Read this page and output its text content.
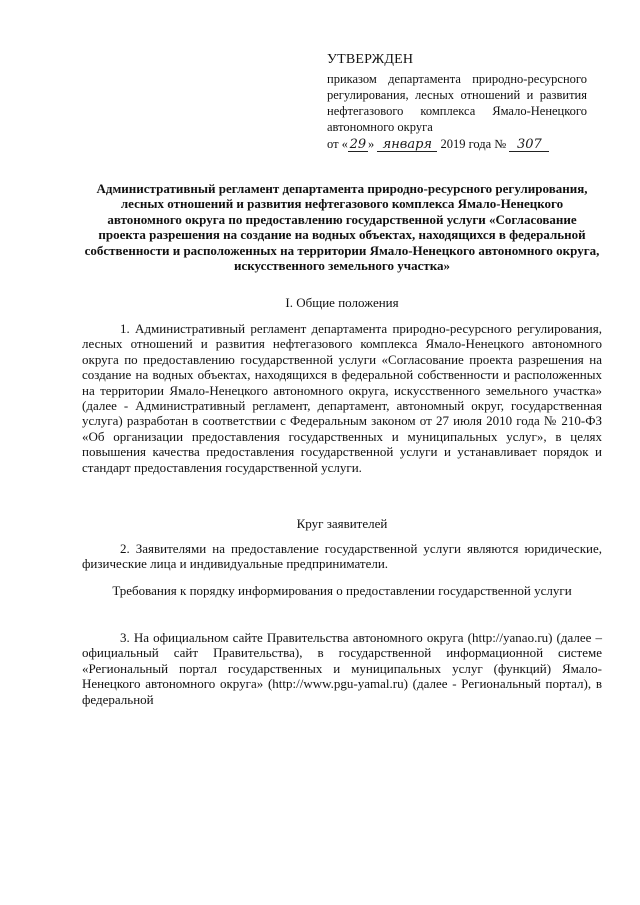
УТВЕРЖДЕН
приказом департамента природно-ресурсного регулирования, лесных отношений и развития нефтегазового комплекса Ямало-Ненецкого автономного округа
от « 29 » января 2019 года № 307
Административный регламент департамента природно-ресурсного регулирования, лесных отношений и развития нефтегазового комплекса Ямало-Ненецкого автономного округа по предоставлению государственной услуги «Согласование проекта разрешения на создание на водных объектах, находящихся в федеральной собственности и расположенных на территории Ямало-Ненецкого автономного округа, искусственного земельного участка»
I. Общие положения
1. Административный регламент департамента природно-ресурсного регулирования, лесных отношений и развития нефтегазового комплекса Ямало-Ненецкого автономного округа по предоставлению государственной услуги «Согласование проекта разрешения на создание на водных объектах, находящихся в федеральной собственности и расположенных на территории Ямало-Ненецкого автономного округа, искусственного земельного участка» (далее - Административный регламент, департамент, автономный округ, государственная услуга) разработан в соответствии с Федеральным законом от 27 июля 2010 года № 210-ФЗ «Об организации предоставления государственных и муниципальных услуг», в целях повышения качества предоставления государственной услуги и устанавливает порядок и стандарт предоставления государственной услуги.
Круг заявителей
2. Заявителями на предоставление государственной услуги являются юридические, физические лица и индивидуальные предприниматели.
Требования к порядку информирования о предоставлении государственной услуги
3. На официальном сайте Правительства автономного округа (http://yanao.ru) (далее – официальный сайт Правительства), в государственной информационной системе «Региональный портал государственных и муниципальных услуг (функций) Ямало-Ненецкого автономного округа» (http://www.pgu-yamal.ru) (далее - Региональный портал), в федеральной
